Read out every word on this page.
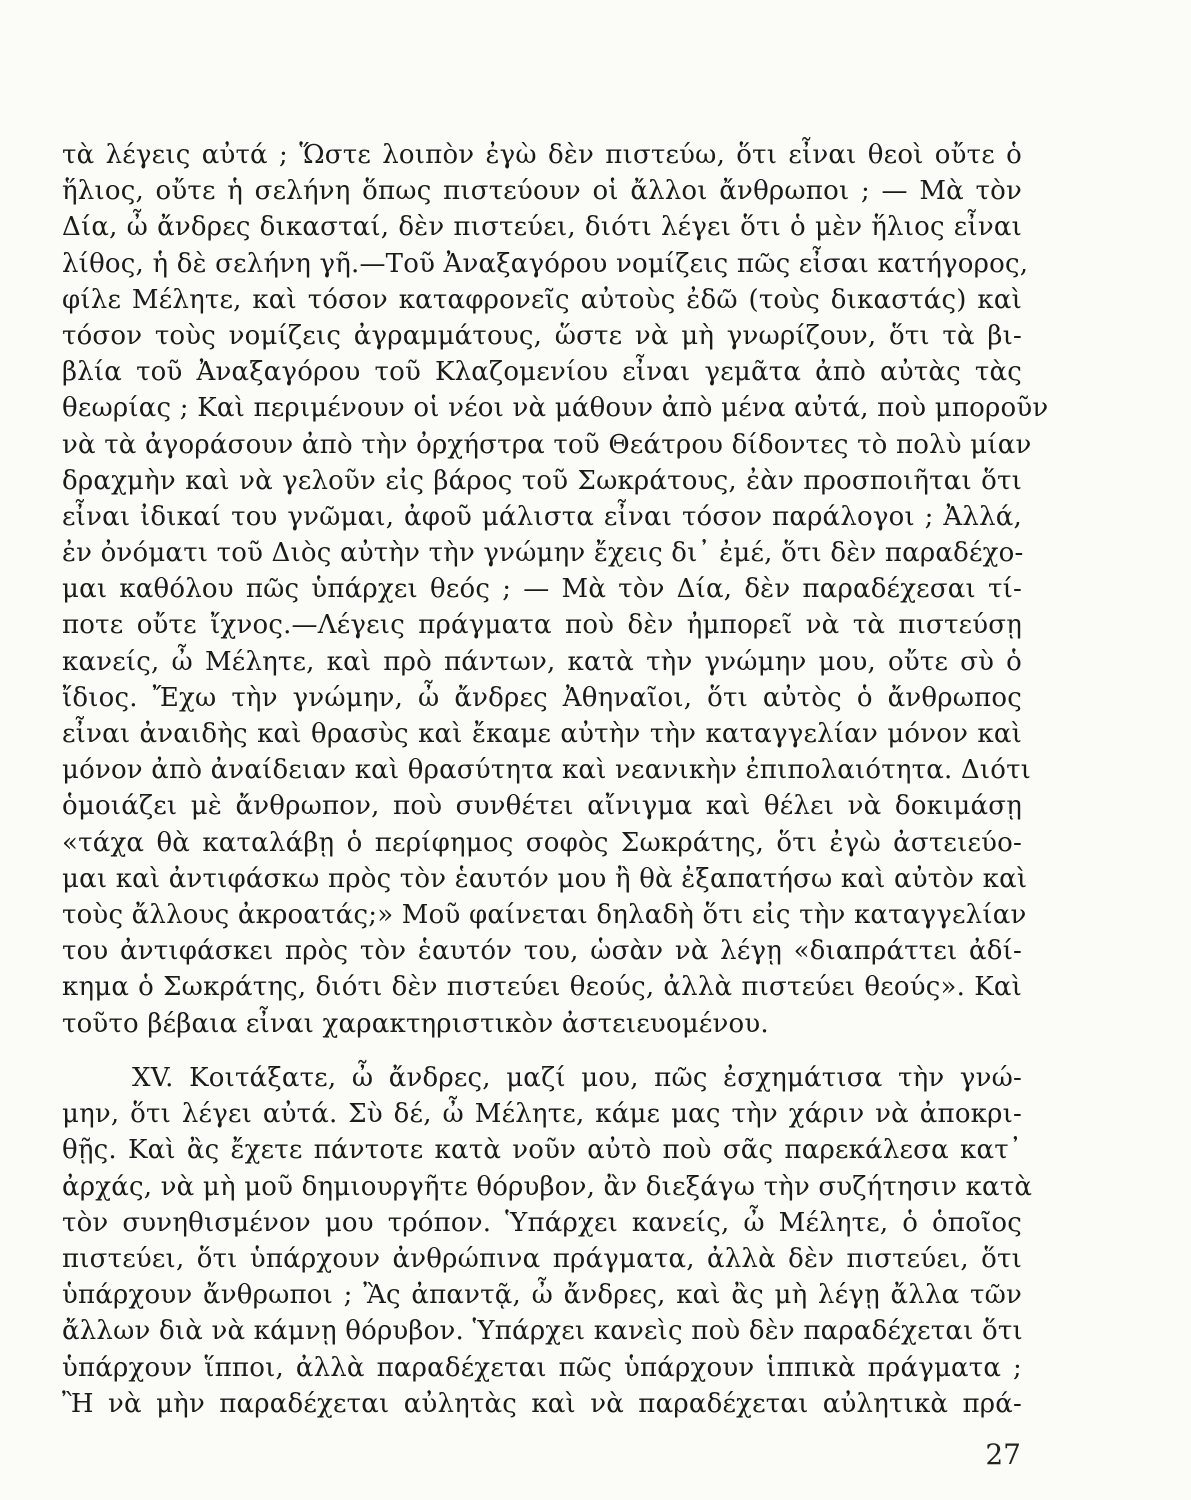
τὰ λέγεις αὐτά ; Ὥστε λοιπὸν ἐγὼ δὲν πιστεύω, ὅτι εἶναι θεοὶ οὔτε ὁ
ἥλιος, οὔτε ἡ σελήνη ὅπως πιστεύουν οἱ ἄλλοι ἄνθρωποι ; — Μὰ τὸν
Δία, ὦ ἄνδρες δικασταί, δὲν πιστεύει, διότι λέγει ὅτι ὁ μὲν ἥλιος εἶναι
λίθος, ἡ δὲ σελήνη γῆ.—Τοῦ Ἀναξαγόρου νομίζεις πῶς εἶσαι κατήγορος,
φίλε Μέλητε, καὶ τόσον καταφρονεῖς αὐτοὺς ἐδῶ (τοὺς δικαστάς) καὶ
τόσον τοὺς νομίζεις ἀγραμμάτους, ὥστε νὰ μὴ γνωρίζουν, ὅτι τὰ βι-
βλία τοῦ Ἀναξαγόρου τοῦ Κλαζομενίου εἶναι γεμᾶτα ἀπὸ αὐτὰς τὰς
θεωρίας ; Καὶ περιμένουν οἱ νέοι νὰ μάθουν ἀπὸ μένα αὐτά, ποὺ μποροῦν
νὰ τὰ ἀγοράσουν ἀπὸ τὴν ὀρχήστρα τοῦ Θεάτρου δίδοντες τὸ πολὺ μίαν
δραχμὴν καὶ νὰ γελοῦν εἰς βάρος τοῦ Σωκράτους, ἐὰν προσποιῆται ὅτι
εἶναι ἰδικαί του γνῶμαι, ἀφοῦ μάλιστα εἶναι τόσον παράλογοι ; Ἀλλά,
ἐν ὀνόματι τοῦ Διὸς αὐτὴν τὴν γνώμην ἔχεις δι᾿ ἐμέ, ὅτι δὲν παραδέχο-
μαι καθόλου πῶς ὑπάρχει θεός ; — Μὰ τὸν Δία, δὲν παραδέχεσαι τί-
ποτε οὔτε ἴχνος.—Λέγεις πράγματα ποὺ δὲν ἠμπορεῖ νὰ τὰ πιστεύσῃ
κανείς, ὦ Μέλητε, καὶ πρὸ πάντων, κατὰ τὴν γνώμην μου, οὔτε σὺ ὁ
ἴδιος. Ἔχω τὴν γνώμην, ὦ ἄνδρες Ἀθηναῖοι, ὅτι αὐτὸς ὁ ἄνθρωπος
εἶναι ἀναιδὴς καὶ θρασὺς καὶ ἔκαμε αὐτὴν τὴν καταγγελίαν μόνον καὶ
μόνον ἀπὸ ἀναίδειαν καὶ θρασύτητα καὶ νεανικὴν ἐπιπολαιότητα. Διότι
ὁμοιάζει μὲ ἄνθρωπον, ποὺ συνθέτει αἴνιγμα καὶ θέλει νὰ δοκιμάσῃ
«τάχα θὰ καταλάβῃ ὁ περίφημος σοφὸς Σωκράτης, ὅτι ἐγὼ ἀστειεύο-
μαι καὶ ἀντιφάσκω πρὸς τὸν ἑαυτόν μου ἢ θὰ ἐξαπατήσω καὶ αὐτὸν καὶ
τοὺς ἄλλους ἀκροατάς;» Μοῦ φαίνεται δηλαδὴ ὅτι εἰς τὴν καταγγελίαν
του ἀντιφάσκει πρὸς τὸν ἑαυτόν του, ὡσὰν νὰ λέγῃ «διαπράττει ἀδί-
κημα ὁ Σωκράτης, διότι δὲν πιστεύει θεούς, ἀλλὰ πιστεύει θεούς». Καὶ
τοῦτο βέβαια εἶναι χαρακτηριστικὸν ἀστειευομένου.
XV. Κοιτάξατε, ὦ ἄνδρες, μαζί μου, πῶς ἐσχημάτισα τὴν γνώ-
μην, ὅτι λέγει αὐτά. Σὺ δέ, ὦ Μέλητε, κάμε μας τὴν χάριν νὰ ἀποκρι-
θῇς. Καὶ ἂς ἔχετε πάντοτε κατὰ νοῦν αὐτὸ ποὺ σᾶς παρεκάλεσα κατ᾿
ἀρχάς, νὰ μὴ μοῦ δημιουργῆτε θόρυβον, ἂν διεξάγω τὴν συζήτησιν κατὰ
τὸν συνηθισμένον μου τρόπον. Ὑπάρχει κανείς, ὦ Μέλητε, ὁ ὁποῖος
πιστεύει, ὅτι ὑπάρχουν ἀνθρώπινα πράγματα, ἀλλὰ δὲν πιστεύει, ὅτι
ὑπάρχουν ἄνθρωποι ; Ἂς ἀπαντᾷ, ὦ ἄνδρες, καὶ ἂς μὴ λέγῃ ἄλλα τῶν
ἄλλων διὰ νὰ κάμνῃ θόρυβον. Ὑπάρχει κανεὶς ποὺ δὲν παραδέχεται ὅτι
ὑπάρχουν ἵπποι, ἀλλὰ παραδέχεται πῶς ὑπάρχουν ἱππικὰ πράγματα ;
Ἢ νὰ μὴν παραδέχεται αὐλητὰς καὶ νὰ παραδέχεται αὐλητικὰ πρά-
27
